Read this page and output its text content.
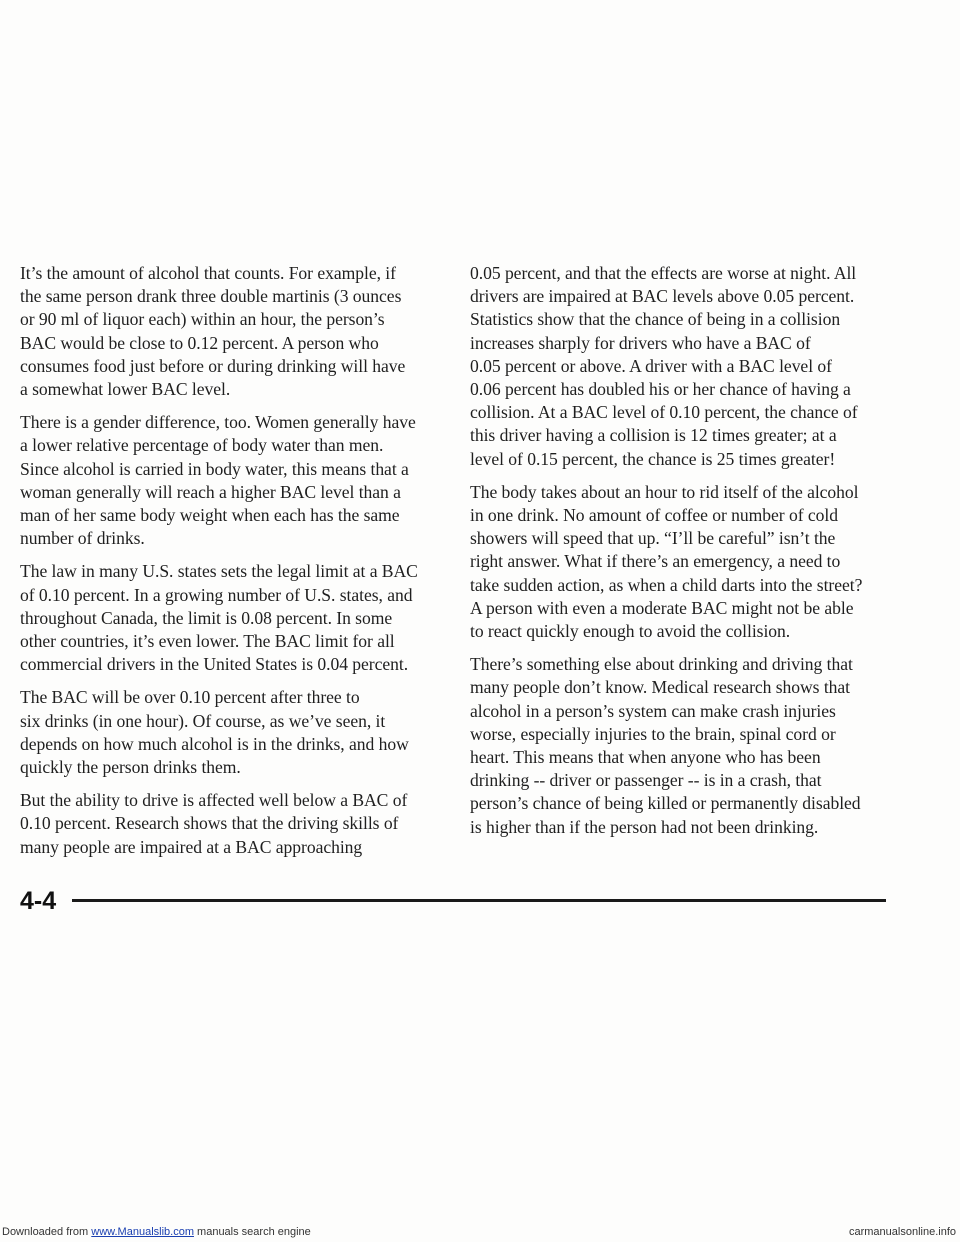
It’s the amount of alcohol that counts. For example, if
the same person drank three double martinis (3 ounces
or 90 ml of liquor each) within an hour, the person’s
BAC would be close to 0.12 percent. A person who
consumes food just before or during drinking will have
a somewhat lower BAC level.

There is a gender difference, too. Women generally have
a lower relative percentage of body water than men.
Since alcohol is carried in body water, this means that a
woman generally will reach a higher BAC level than a
man of her same body weight when each has the same
number of drinks.

The law in many U.S. states sets the legal limit at a BAC
of 0.10 percent. In a growing number of U.S. states, and
throughout Canada, the limit is 0.08 percent. In some
other countries, it’s even lower. The BAC limit for all
commercial drivers in the United States is 0.04 percent.

The BAC will be over 0.10 percent after three to
six drinks (in one hour). Of course, as we’ve seen, it
depends on how much alcohol is in the drinks, and how
quickly the person drinks them.

But the ability to drive is affected well below a BAC of
0.10 percent. Research shows that the driving skills of
many people are impaired at a BAC approaching

0.05 percent, and that the effects are worse at night. All
drivers are impaired at BAC levels above 0.05 percent.
Statistics show that the chance of being in a collision
increases sharply for drivers who have a BAC of
0.05 percent or above. A driver with a BAC level of
0.06 percent has doubled his or her chance of having a
collision. At a BAC level of 0.10 percent, the chance of
this driver having a collision is 12 times greater; at a
level of 0.15 percent, the chance is 25 times greater!

The body takes about an hour to rid itself of the alcohol
in one drink. No amount of coffee or number of cold
showers will speed that up. “I’ll be careful” isn’t the
right answer. What if there’s an emergency, a need to
take sudden action, as when a child darts into the street?
A person with even a moderate BAC might not be able
to react quickly enough to avoid the collision.

There’s something else about drinking and driving that
many people don’t know. Medical research shows that
alcohol in a person’s system can make crash injuries
worse, especially injuries to the brain, spinal cord or
heart. This means that when anyone who has been
drinking -- driver or passenger -- is in a crash, that
person’s chance of being killed or permanently disabled
is higher than if the person had not been drinking.

4-4
Downloaded from www.Manualslib.com manuals search engine	carmanualsonline.info
